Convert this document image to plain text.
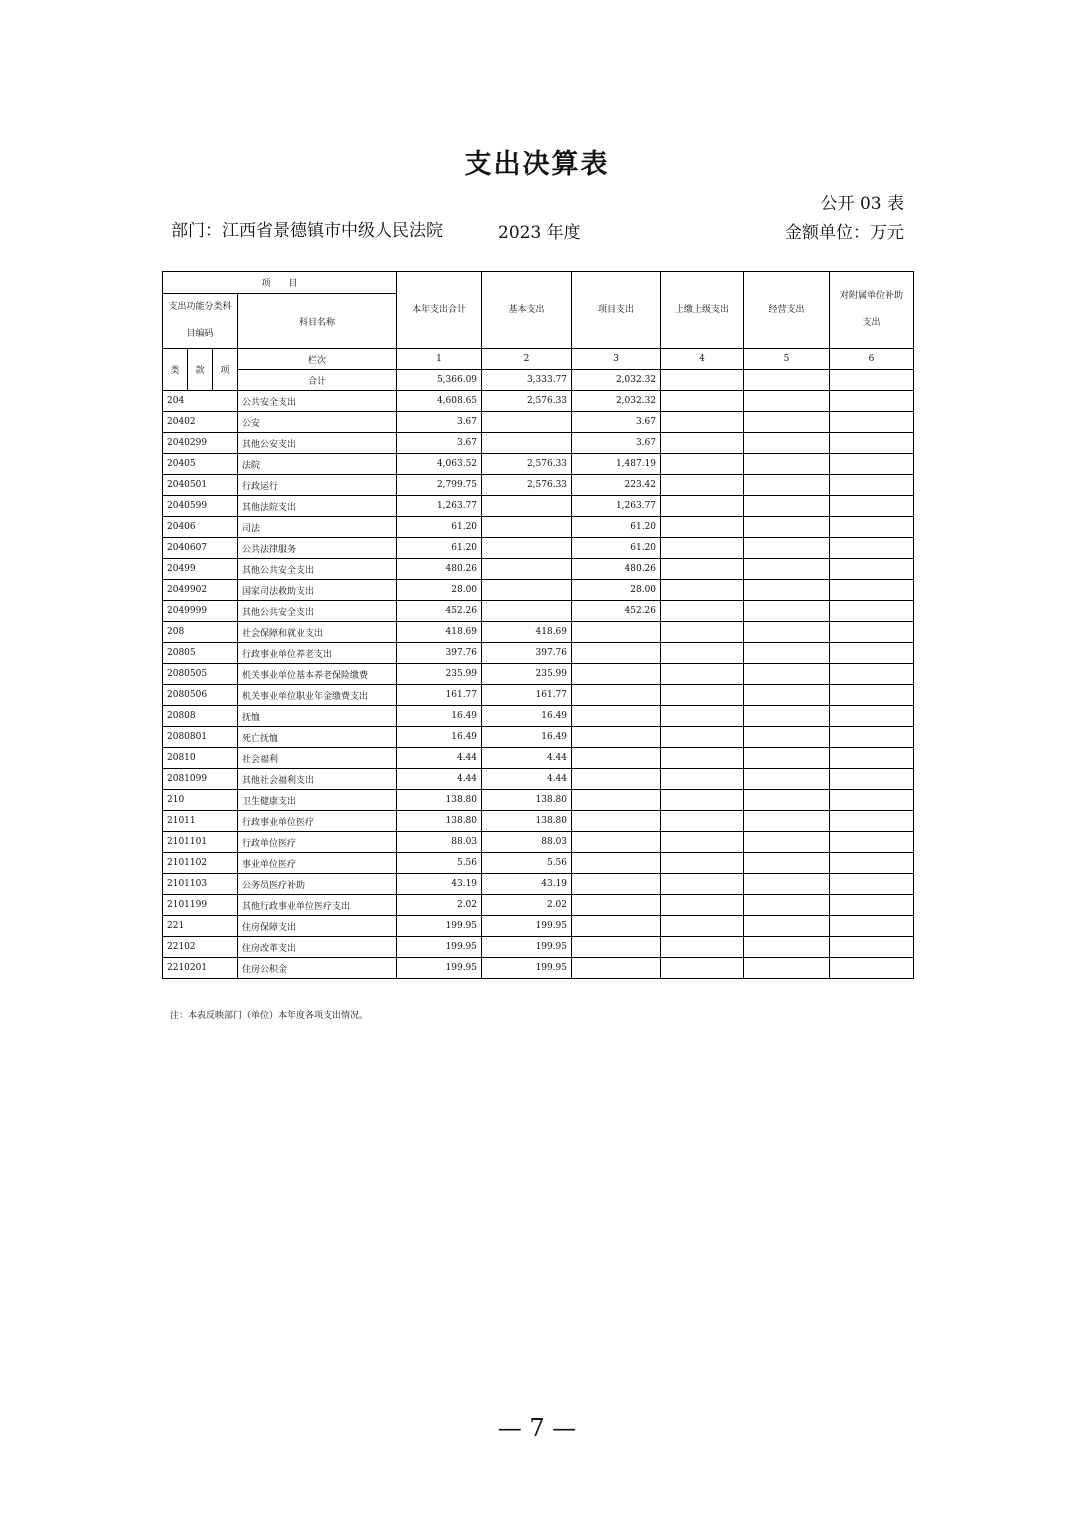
支出决算表
公开 03 表
部门：江西省景德镇市中级人民法院	2023 年度	金额单位：万元
项　　目				本年支出合计	基本支出	项目支出	上缴上级支出	经营支出	对附属单位补助支出
支出功能分类科目编码			科目名称						

类	款	项	栏次	1	2	3	4	5	6
			合计	5,366.09	3,333.77	2,032.32			
204			公共安全支出	4,608.65	2,576.33	2,032.32			
20402			公安	3.67		3.67			
2040299			其他公安支出	3.67		3.67			
20405			法院	4,063.52	2,576.33	1,487.19			
2040501			行政运行	2,799.75	2,576.33	223.42			
2040599			其他法院支出	1,263.77		1,263.77			
20406			司法	61.20		61.20			
2040607			公共法律服务	61.20		61.20			
20499			其他公共安全支出	480.26		480.26			
2049902			国家司法救助支出	28.00		28.00			
2049999			其他公共安全支出	452.26		452.26			
208			社会保障和就业支出	418.69	418.69				
20805			行政事业单位养老支出	397.76	397.76				
2080505			机关事业单位基本养老保险缴费	235.99	235.99				
2080506			机关事业单位职业年金缴费支出	161.77	161.77				
20808			抚恤	16.49	16.49				
2080801			死亡抚恤	16.49	16.49				
20810			社会福利	4.44	4.44				
2081099			其他社会福利支出	4.44	4.44				
210			卫生健康支出	138.80	138.80				
21011			行政事业单位医疗	138.80	138.80				
2101101			行政单位医疗	88.03	88.03				
2101102			事业单位医疗	5.56	5.56				
2101103			公务员医疗补助	43.19	43.19				
2101199			其他行政事业单位医疗支出	2.02	2.02				
221			住房保障支出	199.95	199.95				
22102			住房改革支出	199.95	199.95				
2210201			住房公积金	199.95	199.95				
注：本表反映部门（单位）本年度各项支出情况。
— 7 —
